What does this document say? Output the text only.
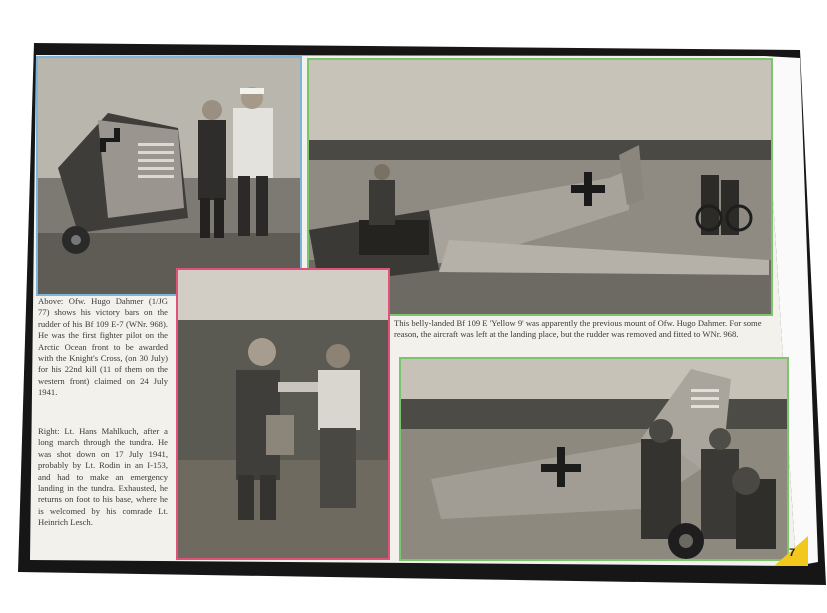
Above: Ofw. Hugo Dahmer (1/JG 77) shows his victory bars on the rudder of his Bf 109 E-7 (WNr. 968). He was the first fighter pilot on the Arctic Ocean front to be awarded with the Knight's Cross, (on 30 July) for his 22nd kill (11 of them on the western front) claimed on 24 July 1941.

Right: Lt. Hans Mahlkuch, after a long march through the tundra. He was shot down on 17 July 1941, probably by Lt. Rodin in an I-153, and had to make an emergency landing in the tundra. Exhausted, he returns on foot to his base, where he is welcomed by his comrade Lt. Heinrich Lesch.

This belly-landed Bf 109 E 'Yellow 9' was apparently the previous mount of Ofw. Hugo Dahmer. For some reason, the aircraft was left at the landing place, but the rudder was removed and fitted to WNr. 968.

7
